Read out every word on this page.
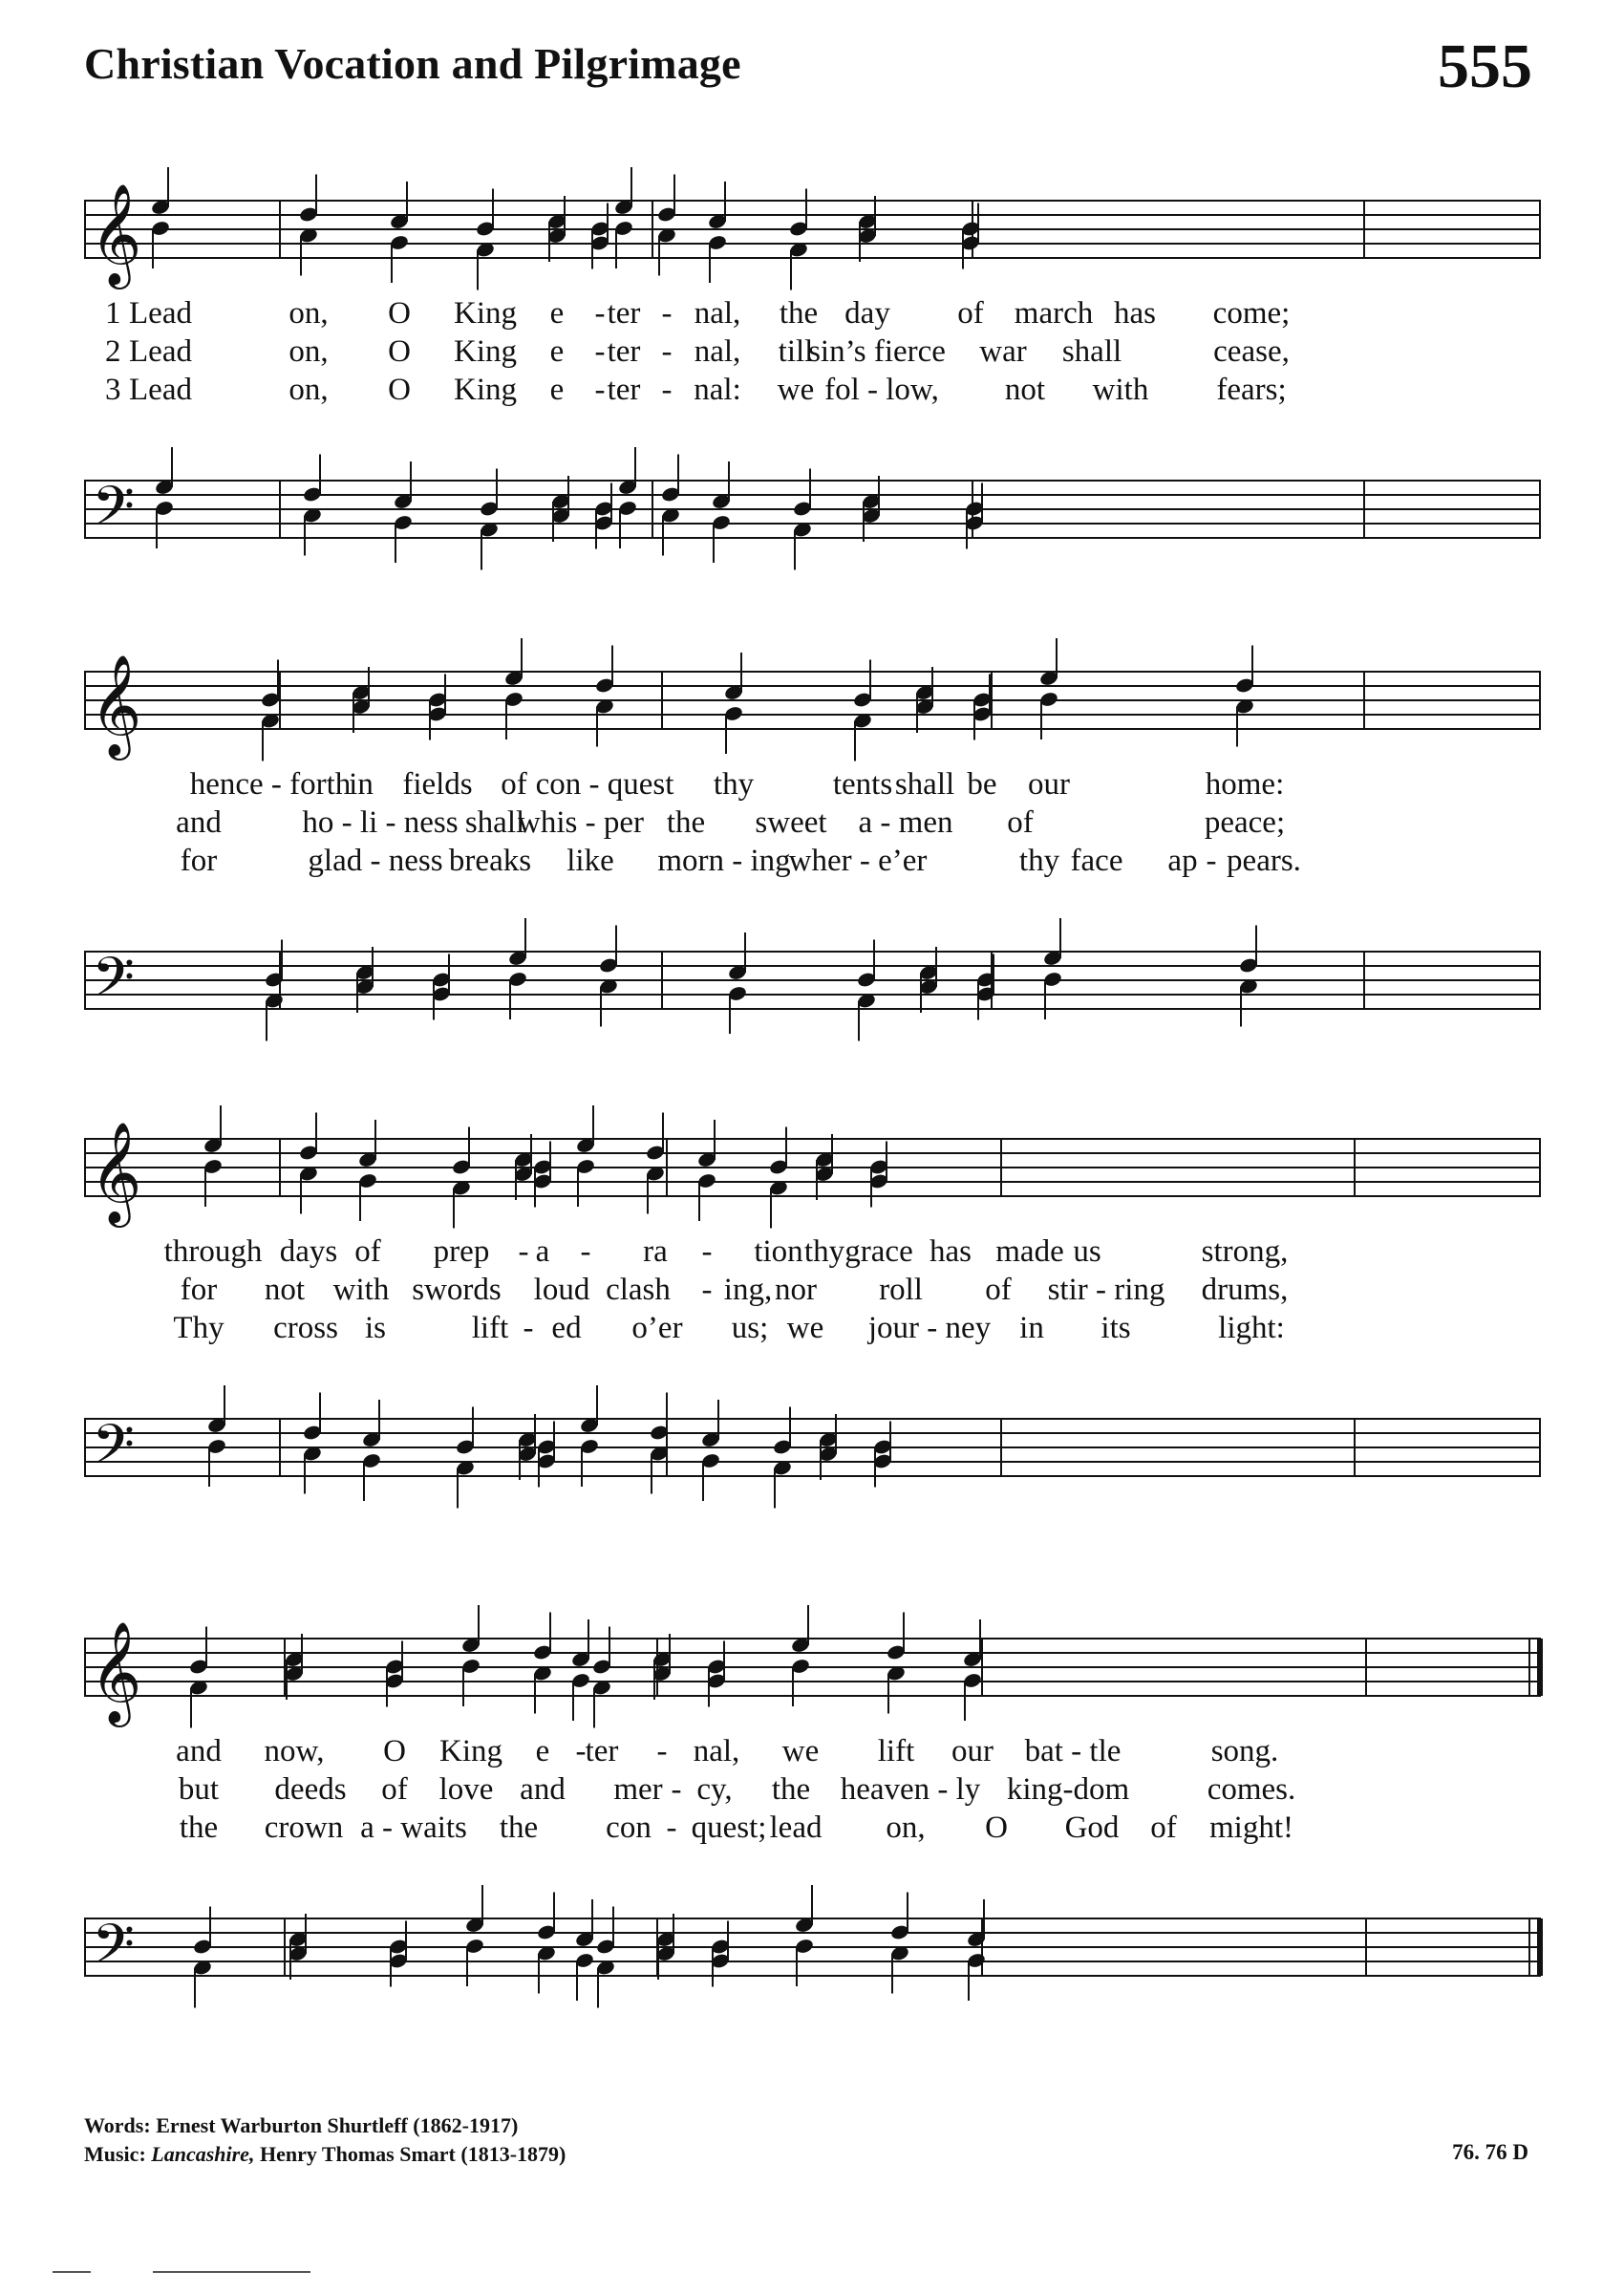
Christian Vocation and Pilgrimage	555
𝄞
1 Lead	on, O King e - ter - nal, the day of march has come;
2 Lead	on, O King e - ter - nal, till
sin’s fierce war shall	cease,
3 Lead	on, O King e - ter - nal: we fol - low, not with fears;
𝄢
𝄞
hence - forth
in fields of con - quest thy	tents shall be our	home:
and	ho - li - ness shall
whis - per the sweet a - men of	peace;
for	glad - ness breaks like morn - ing
wher - e’er	thy face ap - pears.
𝄢
𝄞
through days of prep - a - ra - tion thy grace has made us	strong,
for not with swords loud clash - ing, nor roll of stir - ring drums,
Thy cross is	lift - ed o’er us; we jour - ney in its	light:
𝄢
𝄞
and now, O King e - ter - nal, we lift our bat - tle	song.
but deeds of love and mer - cy, the heaven - ly king-dom comes.
the crown a - waits the con - quest; lead on, O God of might!
𝄢
Words: Ernest Warburton Shurtleff (1862-1917)
Music: Lancashire, Henry Thomas Smart (1813-1879)	76. 76 D
